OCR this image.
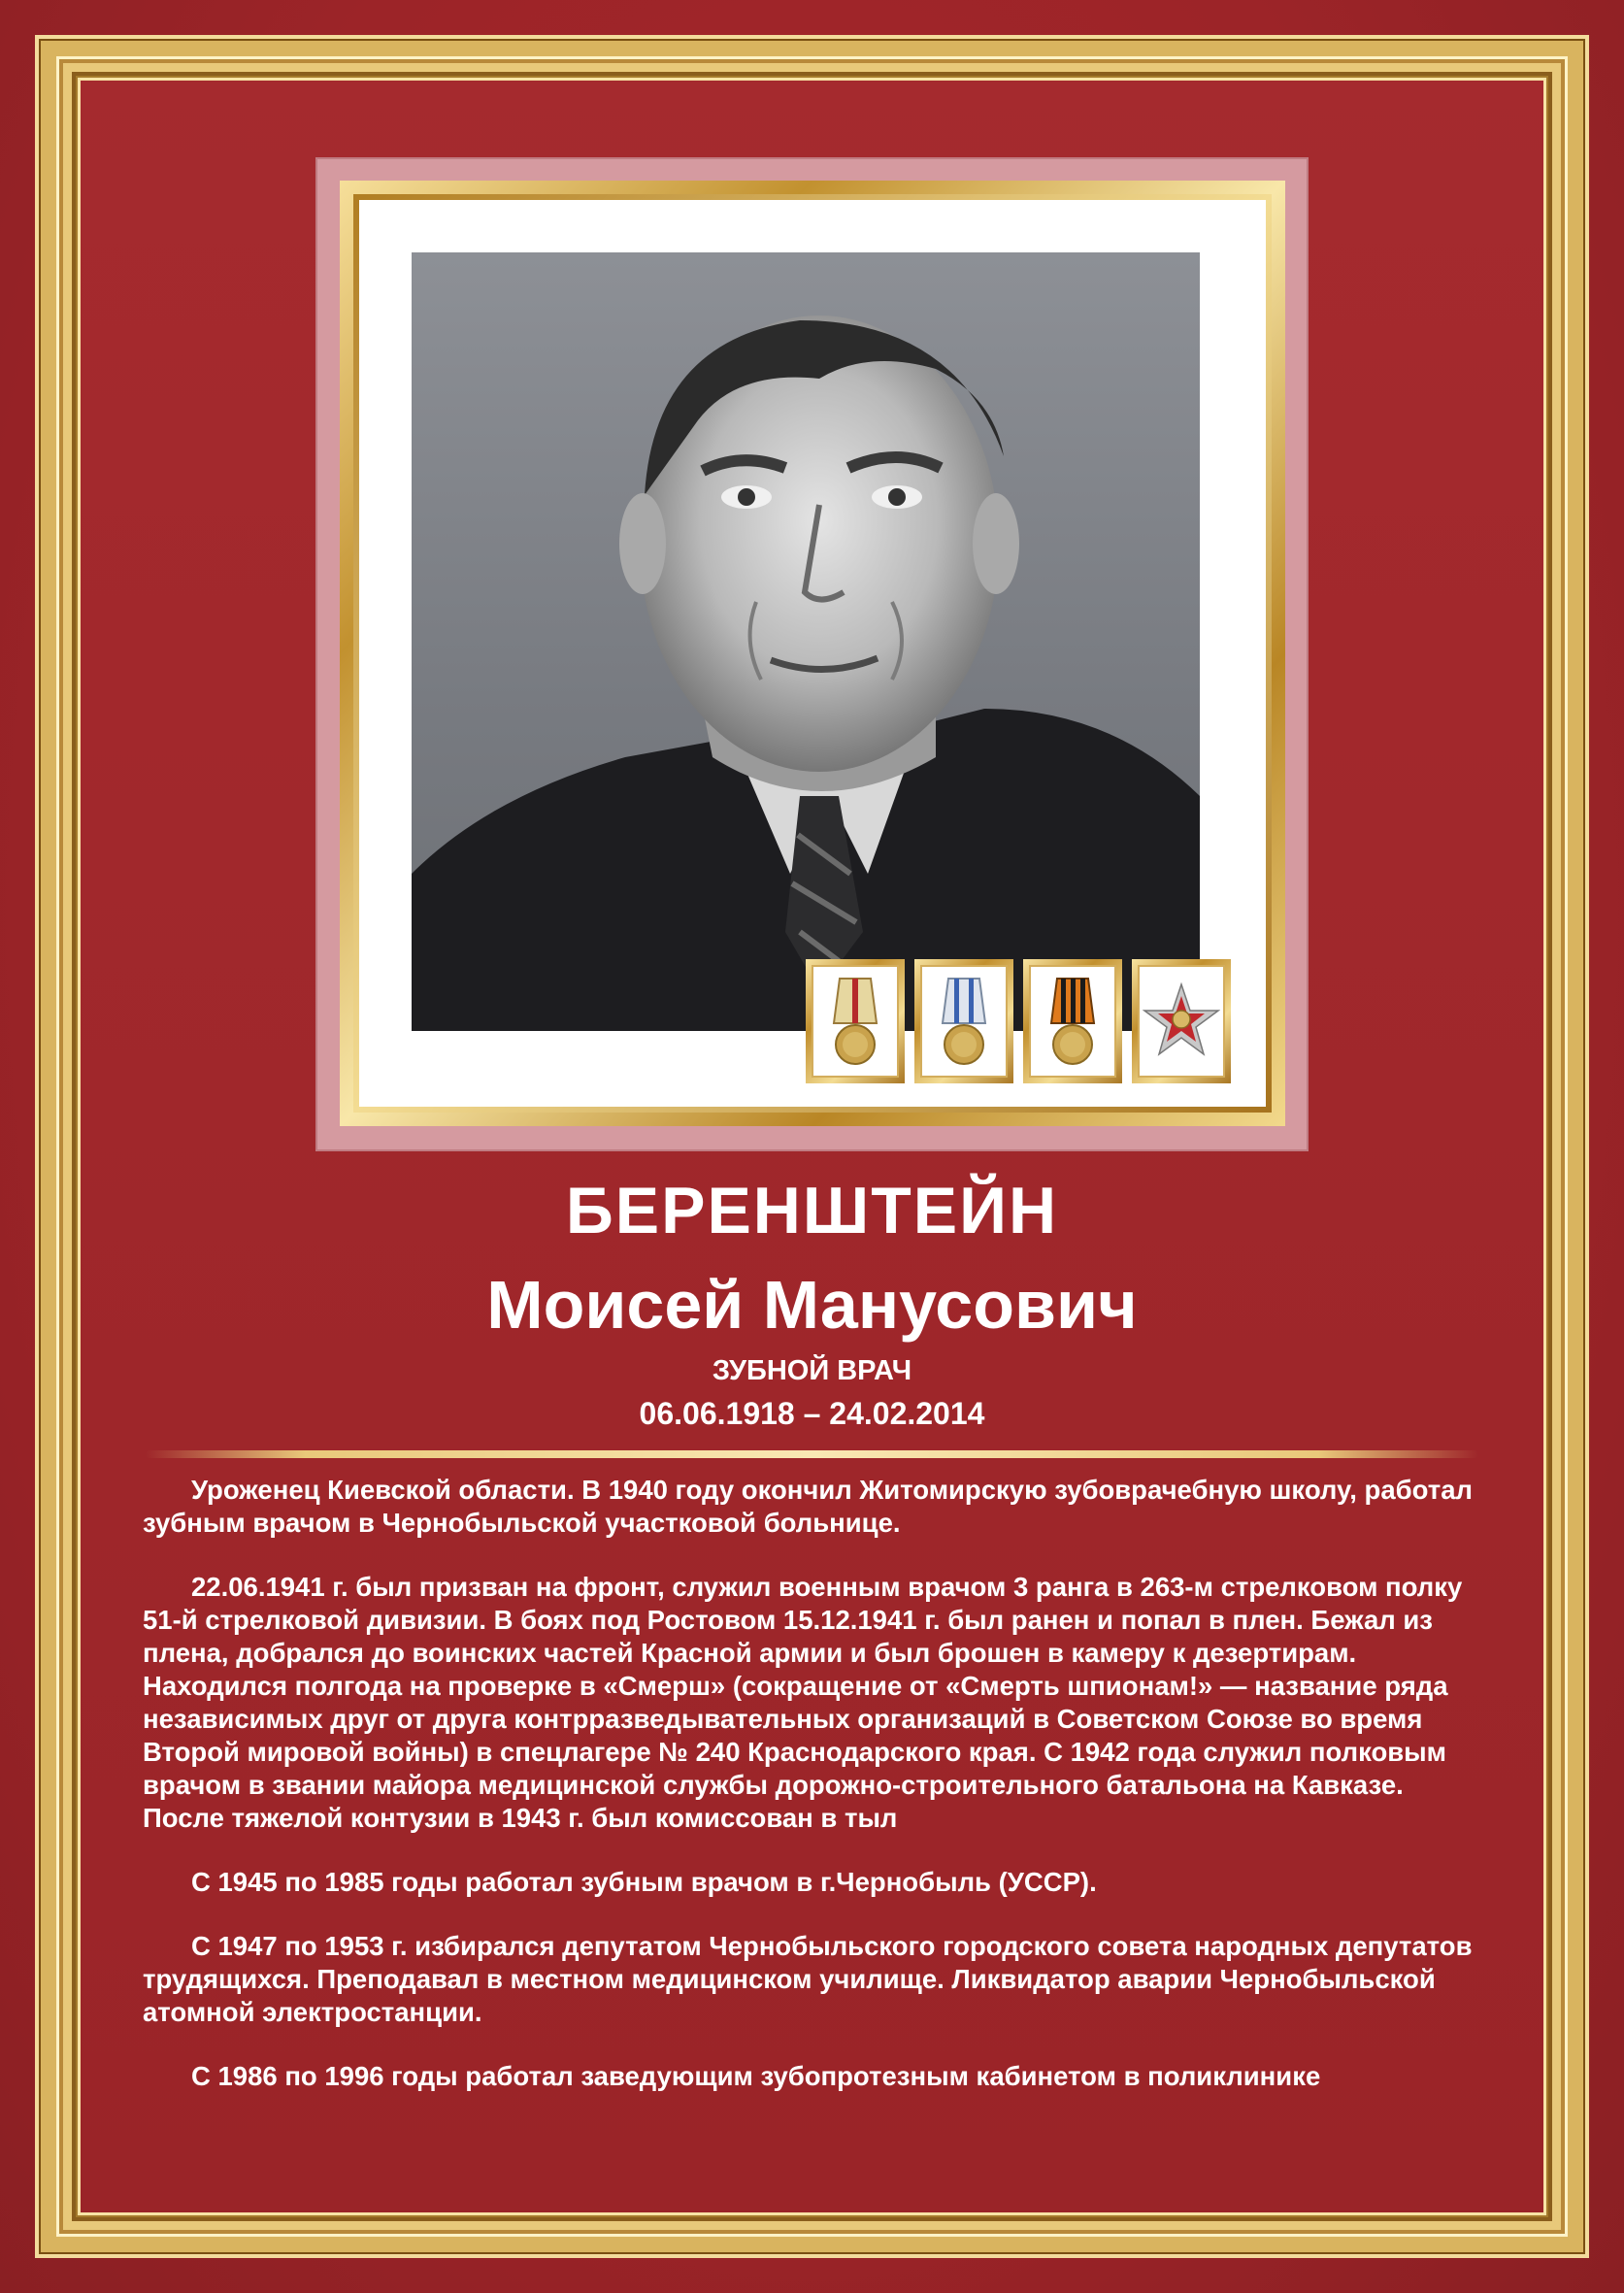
БЕРЕНШТЕЙН
Моисей Манусович
ЗУБНОЙ ВРАЧ
06.06.1918 – 24.02.2014

Уроженец Киевской области. В 1940 году окончил Житомирскую зубоврачебную школу, работал зубным врачом в Чернобыльской участковой больнице.

22.06.1941 г. был призван на фронт, служил военным врачом 3 ранга в 263-м стрелковом полку 51-й стрелковой дивизии. В боях под Ростовом 15.12.1941 г. был ранен и попал в плен. Бежал из плена, добрался до воинских частей Красной армии и был брошен в камеру к дезертирам. Находился полгода на проверке в «Смерш» (сокращение от «Смерть шпионам!» — название ряда независимых друг от друга контрразведывательных организаций в Советском Союзе во время Второй мировой войны) в спецлагере № 240 Краснодарского края. С 1942 года служил полковым врачом в звании майора медицинской службы дорожно-строительного батальона на Кавказе. После тяжелой контузии в 1943 г. был комиссован в тыл

С 1945 по 1985 годы работал зубным врачом в г.Чернобыль (УССР).

С 1947 по 1953 г. избирался депутатом Чернобыльского городского совета народных депутатов трудящихся. Преподавал в местном медицинском училище. Ликвидатор аварии Чернобыльской атомной электростанции.

С 1986 по 1996 годы работал заведующим зубопротезным кабинетом в поликлинике
